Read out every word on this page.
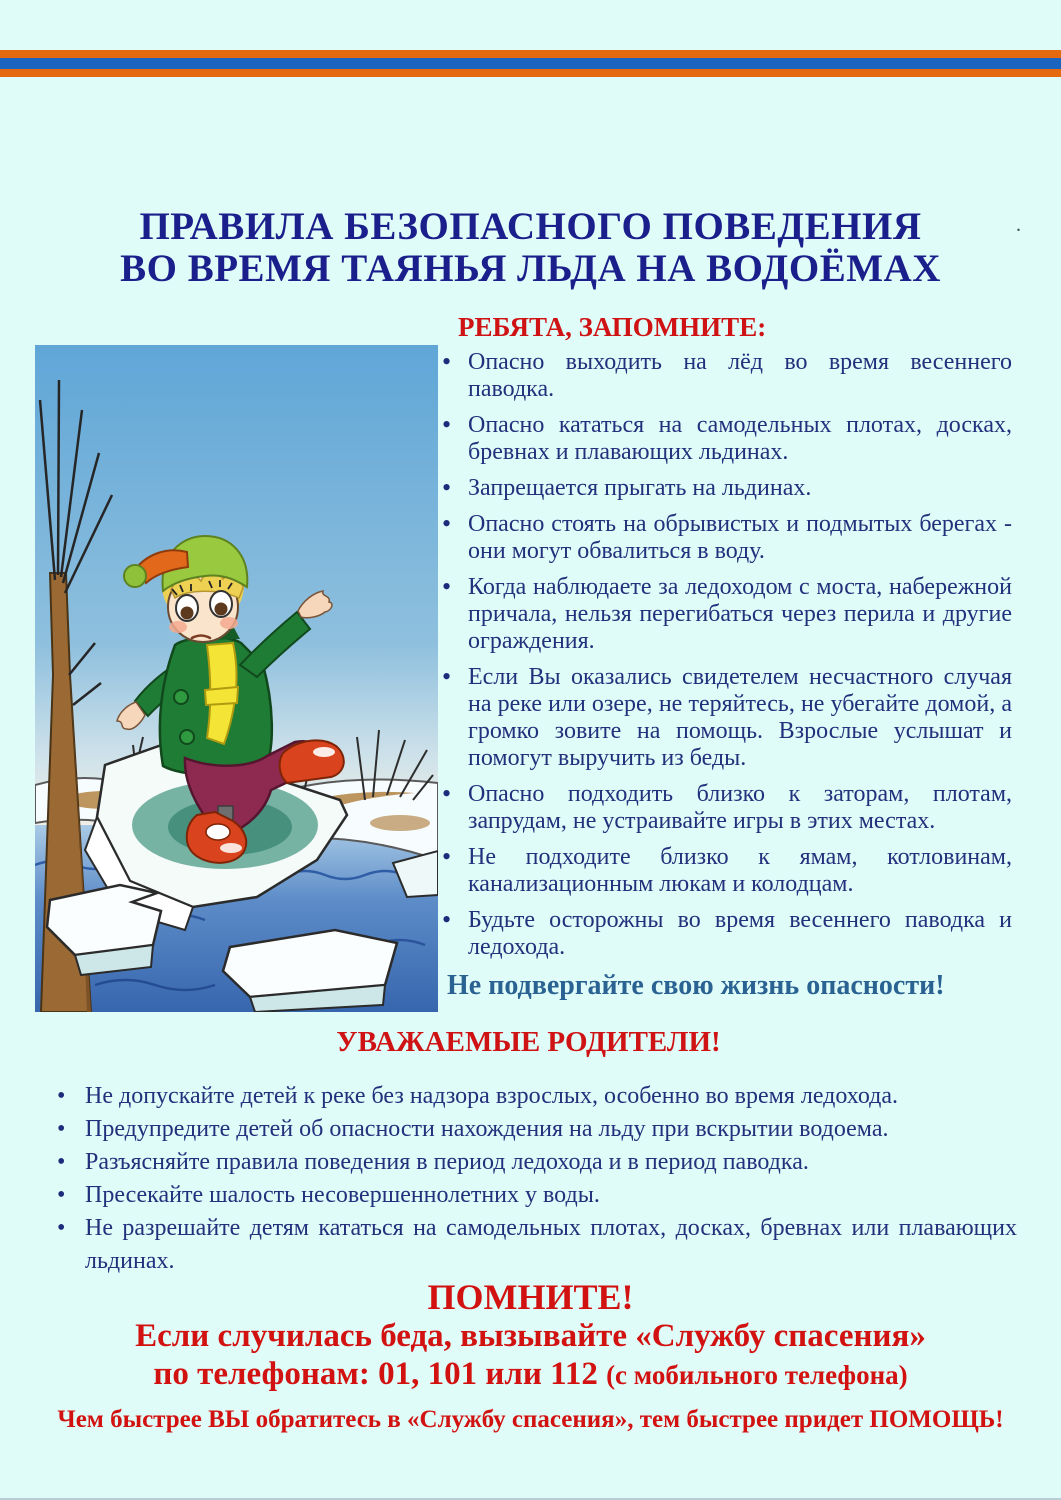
ПРАВИЛА БЕЗОПАСНОГО ПОВЕДЕНИЯ
ВО ВРЕМЯ ТАЯНЬЯ ЛЬДА НА ВОДОЁМАХ
.
РЕБЯТА, ЗАПОМНИТЕ:
• Опасно выходить на лёд во время весеннего паводка.
• Опасно кататься на самодельных плотах, досках, бревнах и плавающих льдинах.
• Запрещается прыгать на льдинах.
• Опасно стоять на обрывистых и подмытых берегах - они могут обвалиться в воду.
• Когда наблюдаете за ледоходом с моста, набережной причала, нельзя перегибаться через перила и другие ограждения.
• Если Вы оказались свидетелем несчастного случая на реке или озере, не теряйтесь, не убегайте домой, а громко зовите на помощь. Взрослые услышат и помогут выручить из беды.
• Опасно подходить близко к заторам, плотам, запрудам, не устраивайте игры в этих местах.
• Не подходите близко к ямам, котловинам, канализационным люкам и колодцам.
• Будьте осторожны во время весеннего паводка и ледохода.
Не подвергайте свою жизнь опасности!
УВАЖАЕМЫЕ РОДИТЕЛИ!
• Не допускайте детей к реке без надзора взрослых, особенно во время ледохода.
• Предупредите детей об опасности нахождения на льду при вскрытии водоема.
• Разъясняйте правила поведения в период ледохода и в период паводка.
• Пресекайте шалость несовершеннолетних у воды.
• Не разрешайте детям кататься на самодельных плотах, досках, бревнах или плавающих льдинах.
ПОМНИТЕ!
Если случилась беда, вызывайте «Службу спасения»
по телефонам: 01, 101 или 112 (с мобильного телефона)
Чем быстрее ВЫ обратитесь в «Службу спасения», тем быстрее придет ПОМОЩЬ!
